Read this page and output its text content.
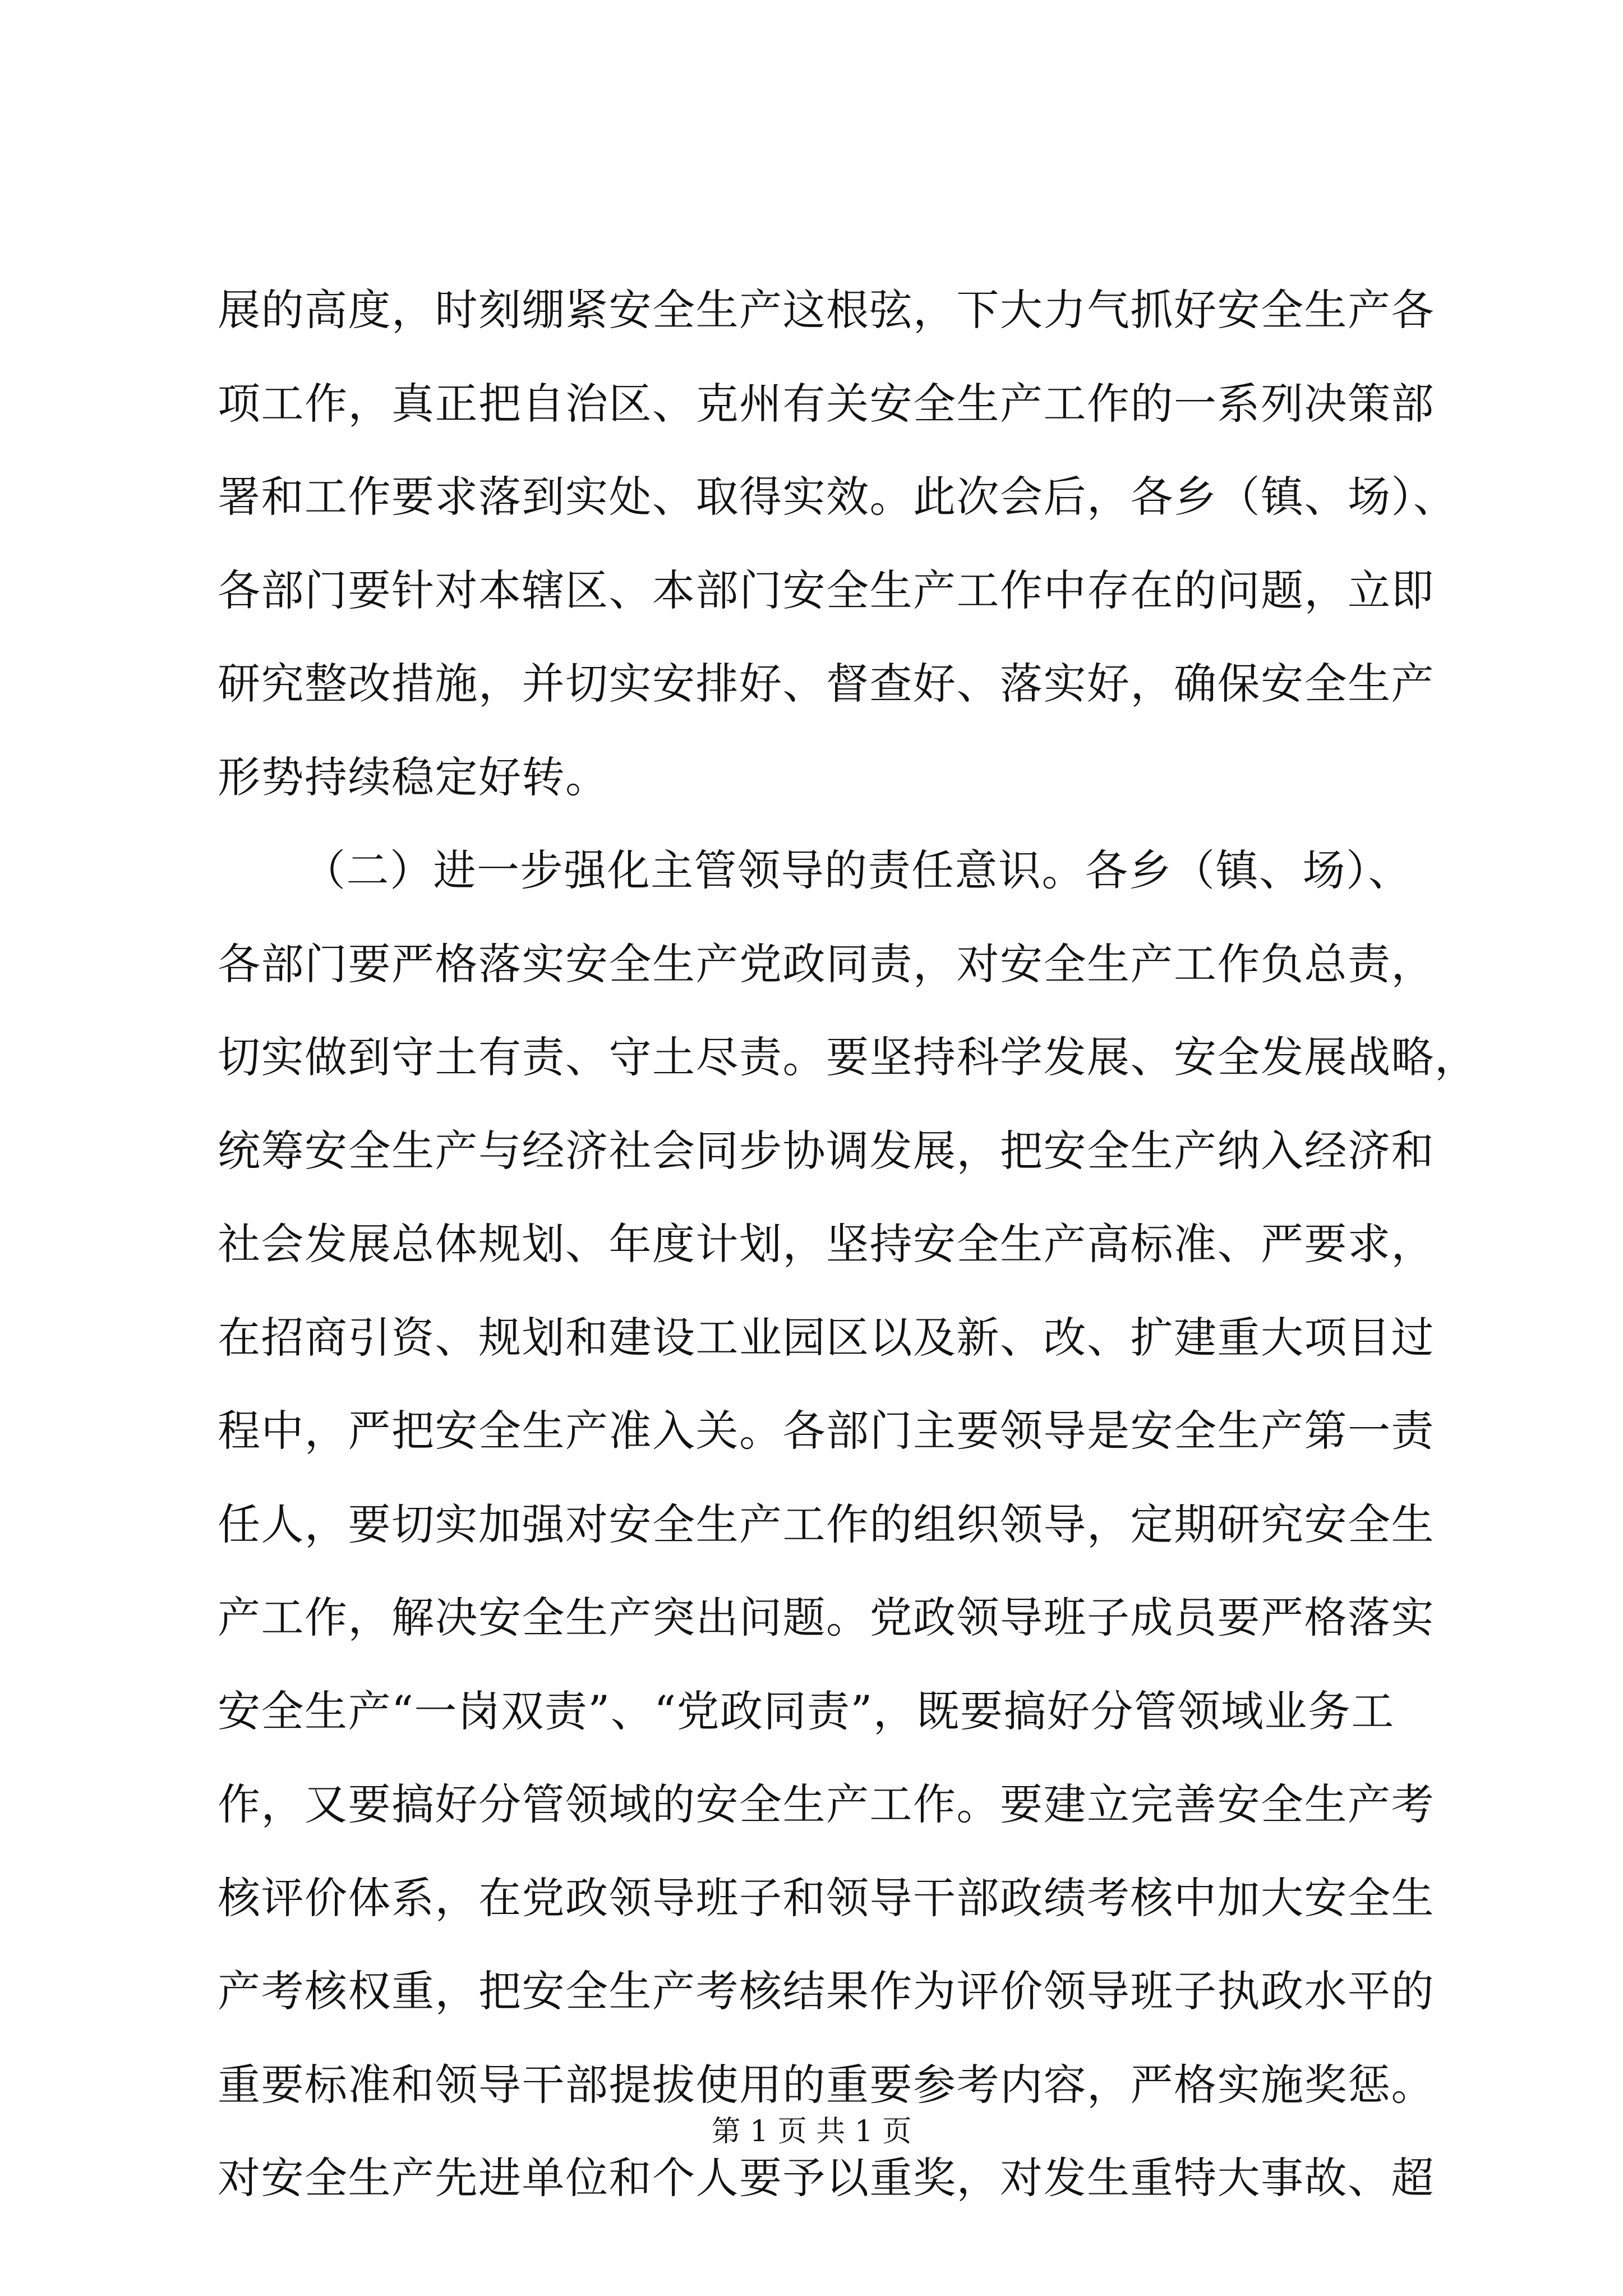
展的高度，时刻绷紧安全生产这根弦，下大力气抓好安全生产各
项工作，真正把自治区、克州有关安全生产工作的一系列决策部
署和工作要求落到实处、取得实效。此次会后，各乡（镇、场）、
各部门要针对本辖区、本部门安全生产工作中存在的问题，立即
研究整改措施，并切实安排好、督查好、落实好，确保安全生产
形势持续稳定好转。
（二）进一步强化主管领导的责任意识。各乡（镇、场）、
各部门要严格落实安全生产党政同责，对安全生产工作负总责，
切实做到守土有责、守土尽责。要坚持科学发展、安全发展战略，
统筹安全生产与经济社会同步协调发展，把安全生产纳入经济和
社会发展总体规划、年度计划，坚持安全生产高标准、严要求，
在招商引资、规划和建设工业园区以及新、改、扩建重大项目过
程中，严把安全生产准入关。各部门主要领导是安全生产第一责
任人，要切实加强对安全生产工作的组织领导，定期研究安全生
产工作，解决安全生产突出问题。党政领导班子成员要严格落实
安全生产“一岗双责”、“党政同责”，既要搞好分管领域业务工
作，又要搞好分管领域的安全生产工作。要建立完善安全生产考
核评价体系，在党政领导班子和领导干部政绩考核中加大安全生
产考核权重，把安全生产考核结果作为评价领导班子执政水平的
重要标准和领导干部提拔使用的重要参考内容，严格实施奖惩。
对安全生产先进单位和个人要予以重奖，对发生重特大事故、超
第 1 页 共 1 页
